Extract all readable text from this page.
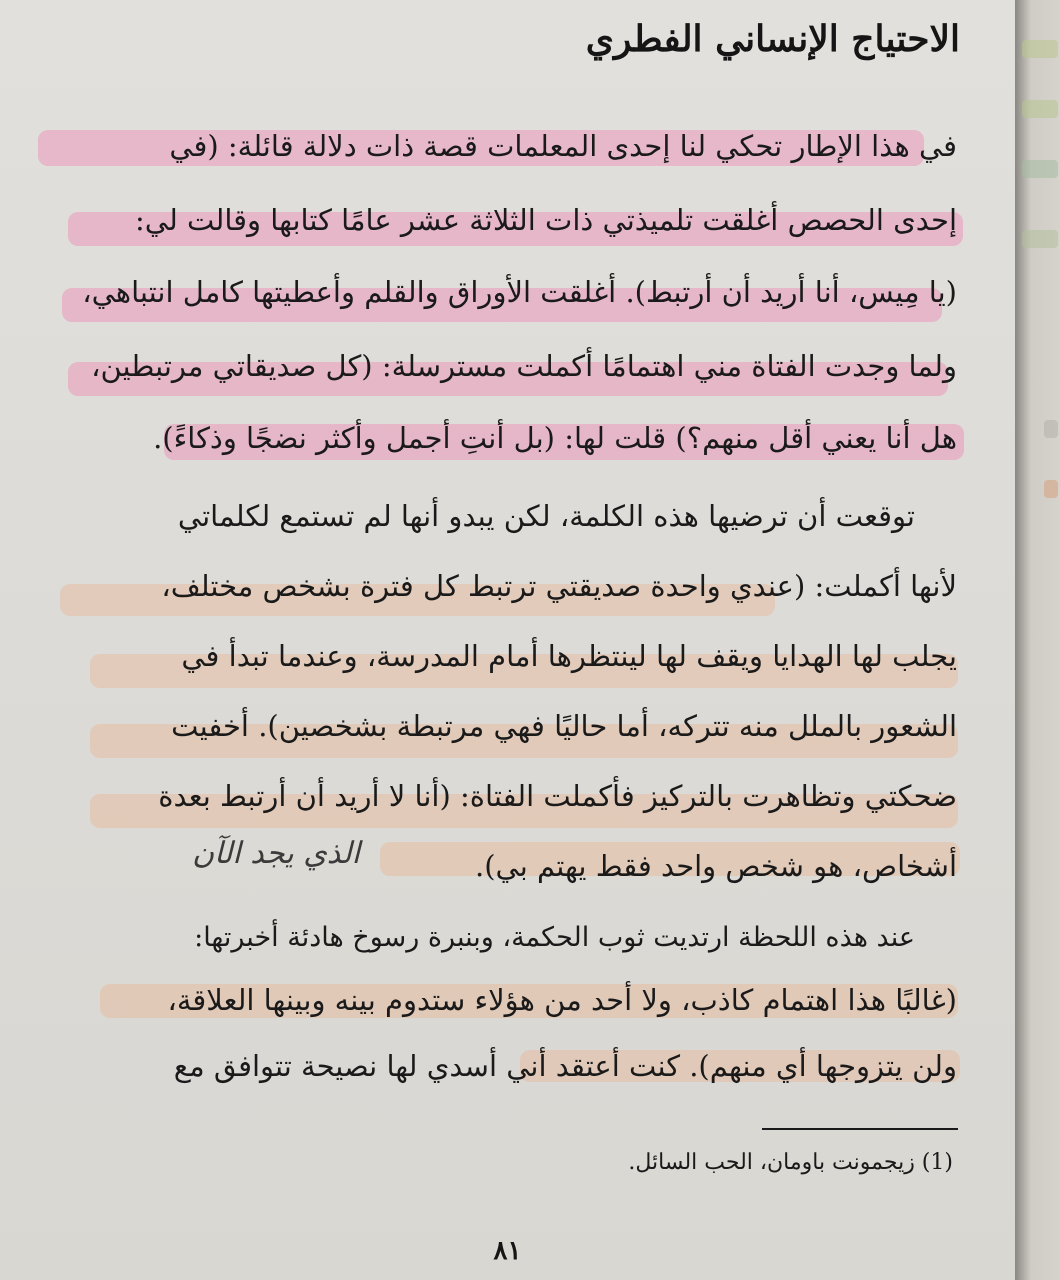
الاحتياج الإنساني الفطري
في هذا الإطار تحكي لنا إحدى المعلمات قصة ذات دلالة قائلة: (في
إحدى الحصص أغلقت تلميذتي ذات الثلاثة عشر عامًا كتابها وقالت لي:
(يا مِيس، أنا أريد أن أرتبط). أغلقت الأوراق والقلم وأعطيتها كامل انتباهي،
ولما وجدت الفتاة مني اهتمامًا أكملت مسترسلة: (كل صديقاتي مرتبطين،
هل أنا يعني أقل منهم؟) قلت لها: (بل أنتِ أجمل وأكثر نضجًا وذكاءً).
توقعت أن ترضيها هذه الكلمة، لكن يبدو أنها لم تستمع لكلماتي
لأنها أكملت: (عندي واحدة صديقتي ترتبط كل فترة بشخص مختلف،
يجلب لها الهدايا ويقف لها لينتظرها أمام المدرسة، وعندما تبدأ في
الشعور بالملل منه تتركه، أما حاليًا فهي مرتبطة بشخصين). أخفيت
ضحكتي وتظاهرت بالتركيز فأكملت الفتاة: (أنا لا أريد أن أرتبط بعدة
أشخاص، هو شخص واحد فقط يهتم بي).
عند هذه اللحظة ارتديت ثوب الحكمة، وبنبرة رسوخ هادئة أخبرتها:
(غالبًا هذا اهتمام كاذب، ولا أحد من هؤلاء ستدوم بينه وبينها العلاقة،
ولن يتزوجها أي منهم). كنت أعتقد أني أسدي لها نصيحة تتوافق مع
الذي يجد الآن
(1) زيجمونت باومان، الحب السائل.
٨١
